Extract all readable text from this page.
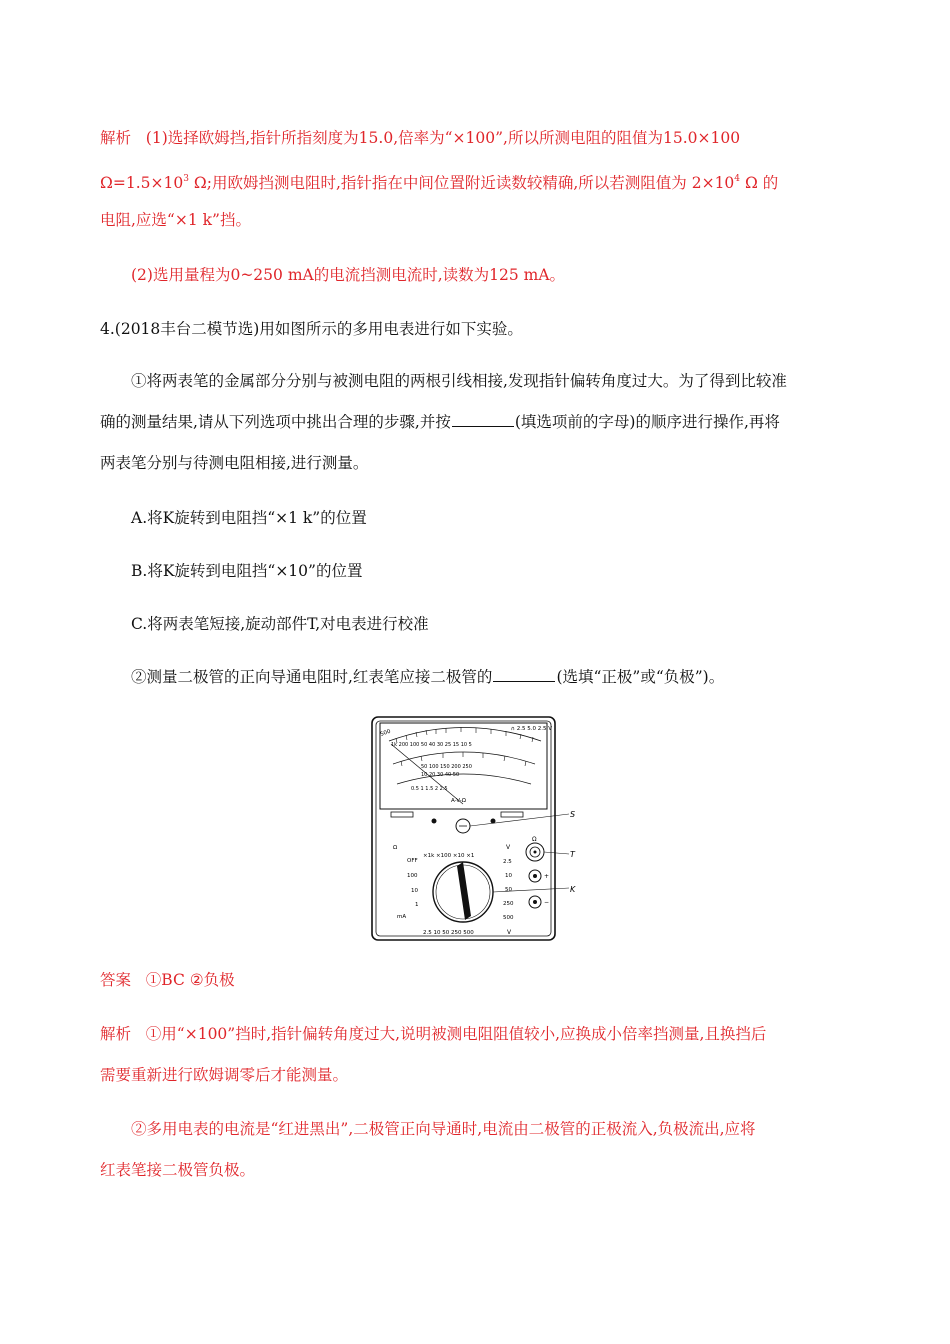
解析 (1)选择欧姆挡,指针所指刻度为15.0,倍率为“×100”,所以所测电阻的阻值为15.0×100
$\Omega=1.5\times 10^3$ Ω;用欧姆挡测电阻时,指针指在中间位置附近读数较精确,所以若测阻值为 $2\times 10^4$ Ω 的
电阻,应选“×1 k”挡。
(2)选用量程为0~250 mA的电流挡测电流时,读数为125 mA。
4.(2018丰台二模节选)用如图所示的多用电表进行如下实验。
①将两表笔的金属部分分别与被测电阻的两根引线相接,发现指针偏转角度过大。为了得到比较准
确的测量结果,请从下列选项中挑出合理的步骤,并按	(填选项前的字母)的顺序进行操作,再将
两表笔分别与待测电阻相接,进行测量。
A.将K旋转到电阻挡“×1 k”的位置
B.将K旋转到电阻挡“×10”的位置
C.将两表笔短接,旋动部件T,对电表进行校准
②测量二极管的正向导通电阻时,红表笔应接二极管的	(选填“正极”或“负极”)。
500
1k 200 100 50 40 30 25 15 10 5
∩ 2.5 5.0 2.5 V
50 100 150 200 250
10 20 30 40 50
0.5 1 1.5 2 2.5
A-V-Ω
S
Ω
×1k ×100 ×10 ×1
V
Ω
T
K
OFF
100
10
1
mA
2.5
10
50
250
500
2.5 10 50 250 500	V
+
−
答案 ①BC ②负极
解析 ①用“×100”挡时,指针偏转角度过大,说明被测电阻阻值较小,应换成小倍率挡测量,且换挡后
需要重新进行欧姆调零后才能测量。
②多用电表的电流是“红进黑出”,二极管正向导通时,电流由二极管的正极流入,负极流出,应将
红表笔接二极管负极。
